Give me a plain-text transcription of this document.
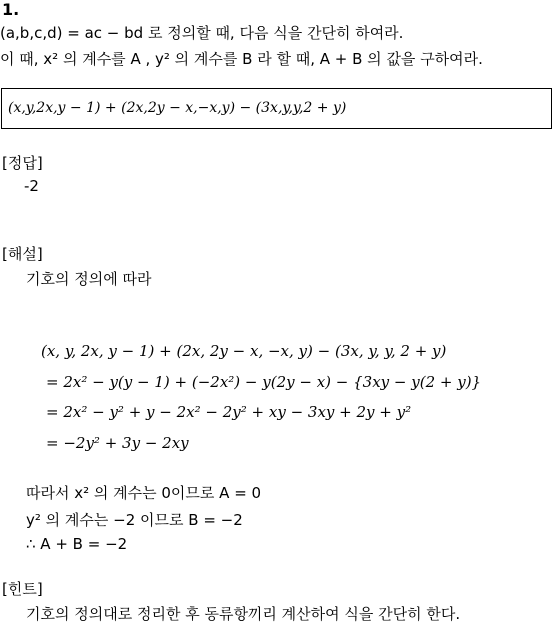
1.
(a,b,c,d) = ac − bd 로 정의할 때, 다음 식을 간단히 하여라.
이 때, x² 의 계수를 A , y² 의 계수를 B 라 할 때, A + B 의 값을 구하여라.
(x,y,2x,y − 1) + (2x,2y − x,−x,y) − (3x,y,y,2 + y)
[정답]
-2
[해설]
기호의 정의에 따라
(x, y, 2x, y − 1) + (2x, 2y − x, −x, y) − (3x, y, y, 2 + y)
= 2x² − y(y − 1) + (−2x²) − y(2y − x) − {3xy − y(2 + y)}
= 2x² − y² + y − 2x² − 2y² + xy − 3xy + 2y + y²
= −2y² + 3y − 2xy
따라서 x² 의 계수는 0이므로 A = 0
y² 의 계수는 −2 이므로 B = −2
∴ A + B = −2
[힌트]
기호의 정의대로 정리한 후 동류항끼리 계산하여 식을 간단히 한다.
